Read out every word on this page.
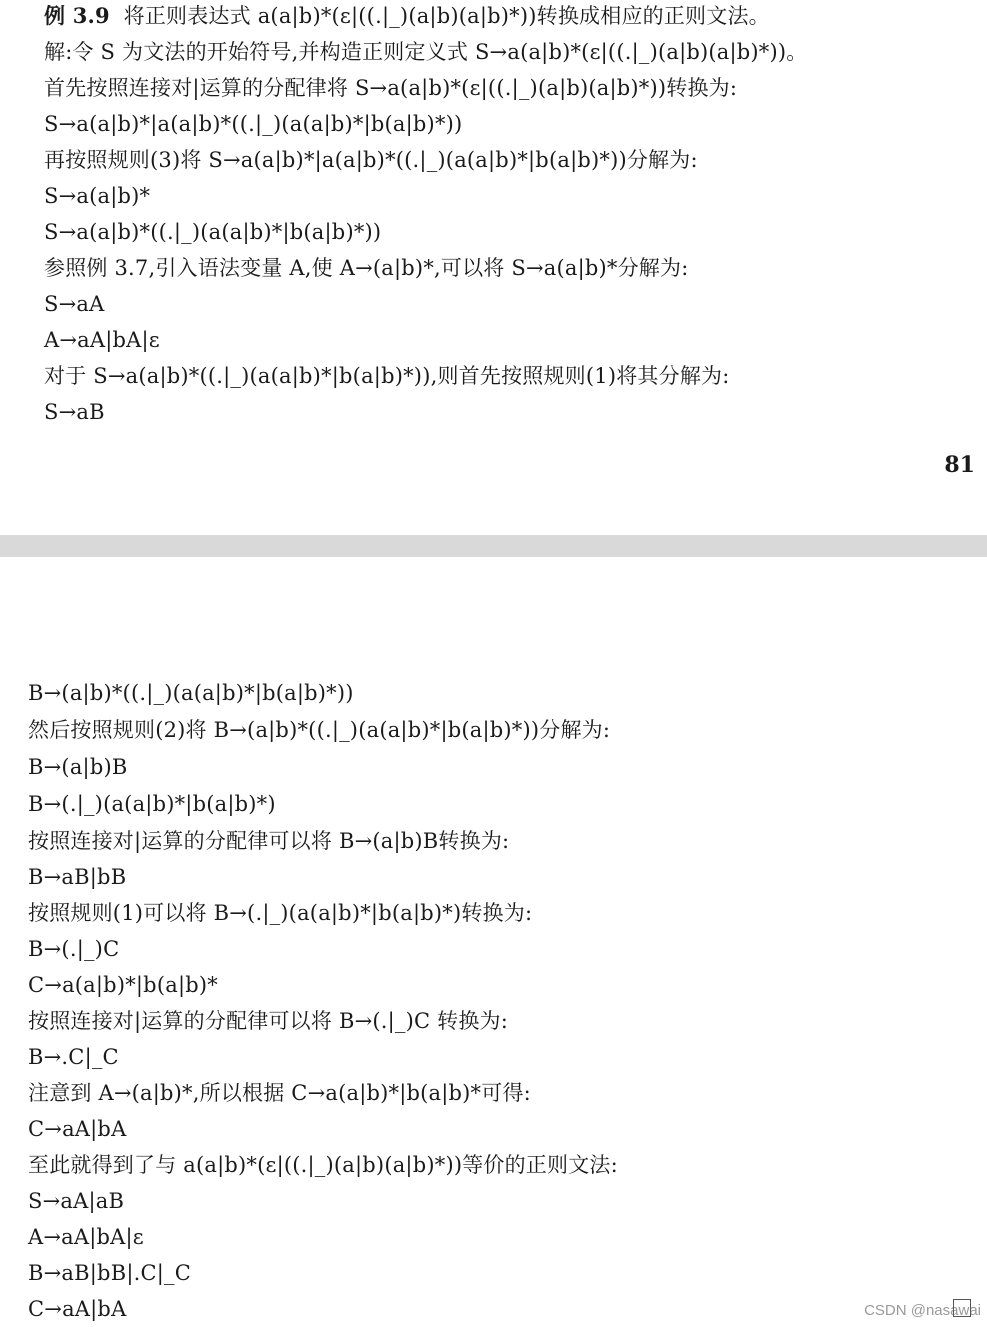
例 3.9 将正则表达式 a(a|b)*(ε|((.|_)(a|b)(a|b)*))转换成相应的正则文法。
解:令 S 为文法的开始符号,并构造正则定义式 S→a(a|b)*(ε|((.|_)(a|b)(a|b)*))。
首先按照连接对|运算的分配律将 S→a(a|b)*(ε|((.|_)(a|b)(a|b)*))转换为:
S→a(a|b)*|a(a|b)*((.|_)(a(a|b)*|b(a|b)*))
再按照规则(3)将 S→a(a|b)*|a(a|b)*((.|_)(a(a|b)*|b(a|b)*))分解为:
S→a(a|b)*
S→a(a|b)*((.|_)(a(a|b)*|b(a|b)*))
参照例 3.7,引入语法变量 A,使 A→(a|b)*,可以将 S→a(a|b)*分解为:
S→aA
A→aA|bA|ε
对于 S→a(a|b)*((.|_)(a(a|b)*|b(a|b)*)),则首先按照规则(1)将其分解为:
S→aB
81
B→(a|b)*((.|_)(a(a|b)*|b(a|b)*))
然后按照规则(2)将 B→(a|b)*((.|_)(a(a|b)*|b(a|b)*))分解为:
B→(a|b)B
B→(.|_)(a(a|b)*|b(a|b)*)
按照连接对|运算的分配律可以将 B→(a|b)B转换为:
B→aB|bB
按照规则(1)可以将 B→(.|_)(a(a|b)*|b(a|b)*)转换为:
B→(.|_)C
C→a(a|b)*|b(a|b)*
按照连接对|运算的分配律可以将 B→(.|_)C 转换为:
B→.C|_C
注意到 A→(a|b)*,所以根据 C→a(a|b)*|b(a|b)*可得:
C→aA|bA
至此就得到了与 a(a|b)*(ε|((.|_)(a|b)(a|b)*))等价的正则文法:
S→aA|aB
A→aA|bA|ε
B→aB|bB|.C|_C
C→aA|bA	CSDN @nasawai
